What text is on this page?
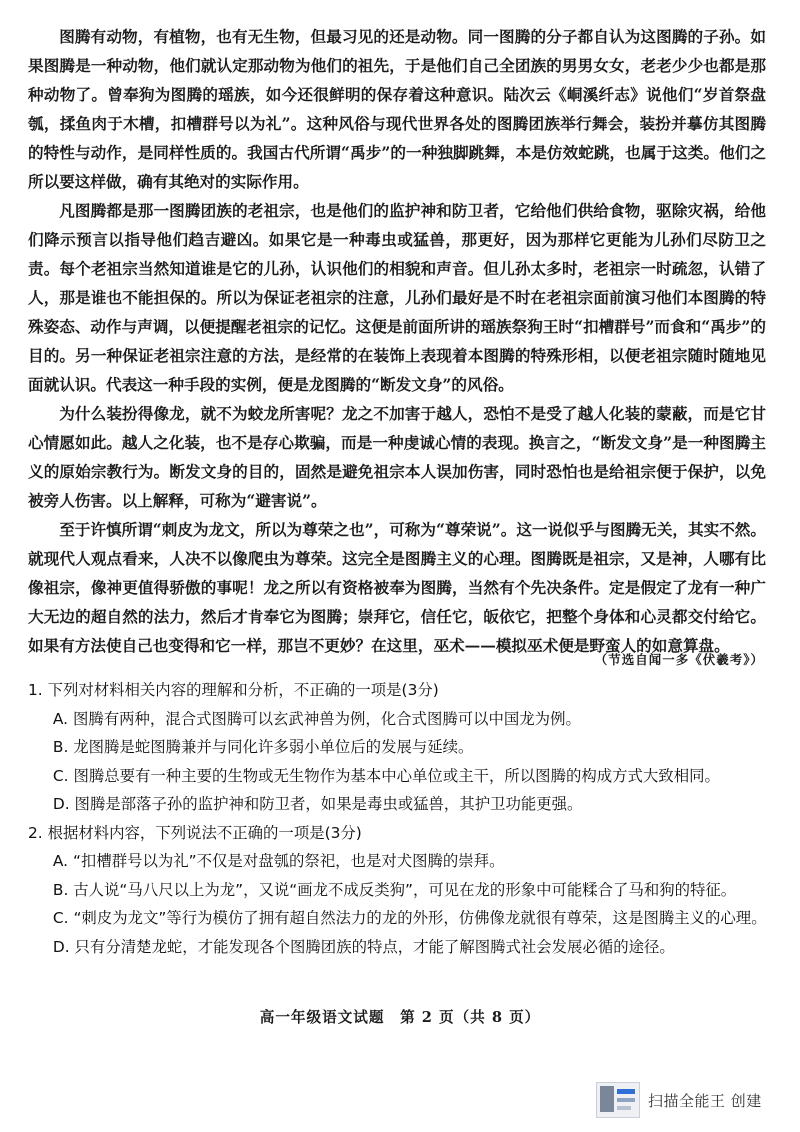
图腾有动物，有植物，也有无生物，但最习见的还是动物。同一图腾的分子都自认为这图腾的子孙。如果图腾是一种动物，他们就认定那动物为他们的祖先，于是他们自己全团族的男男女女，老老少少也都是那种动物了。曾奉狗为图腾的瑶族，如今还很鲜明的保存着这种意识。陆次云《峒溪纤志》说他们“岁首祭盘瓠，揉鱼肉于木槽，扣槽群号以为礼”。这种风俗与现代世界各处的图腾团族举行舞会，装扮并摹仿其图腾的特性与动作，是同样性质的。我国古代所谓“禹步”的一种独脚跳舞，本是仿效蛇跳，也属于这类。他们之所以要这样做，确有其绝对的实际作用。

凡图腾都是那一图腾团族的老祖宗，也是他们的监护神和防卫者，它给他们供给食物，驱除灾祸，给他们降示预言以指导他们趋吉避凶。如果它是一种毒虫或猛兽，那更好，因为那样它更能为儿孙们尽防卫之责。每个老祖宗当然知道谁是它的儿孙，认识他们的相貌和声音。但儿孙太多时，老祖宗一时疏忽，认错了人，那是谁也不能担保的。所以为保证老祖宗的注意，儿孙们最好是不时在老祖宗面前演习他们本图腾的特殊姿态、动作与声调，以便提醒老祖宗的记忆。这便是前面所讲的瑶族祭狗王时“扣槽群号”而食和“禹步”的目的。另一种保证老祖宗注意的方法，是经常的在装饰上表现着本图腾的特殊形相，以便老祖宗随时随地见面就认识。代表这一种手段的实例，便是龙图腾的“断发文身”的风俗。

为什么装扮得像龙，就不为蛟龙所害呢？龙之不加害于越人，恐怕不是受了越人化装的蒙蔽，而是它甘心情愿如此。越人之化装，也不是存心欺骗，而是一种虔诚心情的表现。换言之，“断发文身”是一种图腾主义的原始宗教行为。断发文身的目的，固然是避免祖宗本人误加伤害，同时恐怕也是给祖宗便于保护，以免被旁人伤害。以上解释，可称为“避害说”。

至于许慎所谓“刺皮为龙文，所以为尊荣之也”，可称为“尊荣说”。这一说似乎与图腾无关，其实不然。就现代人观点看来，人决不以像爬虫为尊荣。这完全是图腾主义的心理。图腾既是祖宗，又是神，人哪有比像祖宗，像神更值得骄傲的事呢！龙之所以有资格被奉为图腾，当然有个先决条件。定是假定了龙有一种广大无边的超自然的法力，然后才肯奉它为图腾；崇拜它，信任它，皈依它，把整个身体和心灵都交付给它。如果有方法使自己也变得和它一样，那岂不更妙？在这里，巫术——模拟巫术便是野蛮人的如意算盘。

（节选自闻一多《伏羲考》）

1. 下列对材料相关内容的理解和分析，不正确的一项是(3分)

A. 图腾有两种，混合式图腾可以玄武神兽为例，化合式图腾可以中国龙为例。

B. 龙图腾是蛇图腾兼并与同化许多弱小单位后的发展与延续。

C. 图腾总要有一种主要的生物或无生物作为基本中心单位或主干，所以图腾的构成方式大致相同。

D. 图腾是部落子孙的监护神和防卫者，如果是毒虫或猛兽，其护卫功能更强。

2. 根据材料内容，下列说法不正确的一项是(3分)

A. “扣槽群号以为礼”不仅是对盘瓠的祭祀，也是对犬图腾的崇拜。

B. 古人说“马八尺以上为龙”，又说“画龙不成反类狗”，可见在龙的形象中可能糅合了马和狗的特征。

C. “刺皮为龙文”等行为模仿了拥有超自然法力的龙的外形，仿佛像龙就很有尊荣，这是图腾主义的心理。

D. 只有分清楚龙蛇，才能发现各个图腾团族的特点，才能了解图腾式社会发展必循的途径。

高一年级语文试题　第 2 页（共 8 页）
扫描全能王 创建
